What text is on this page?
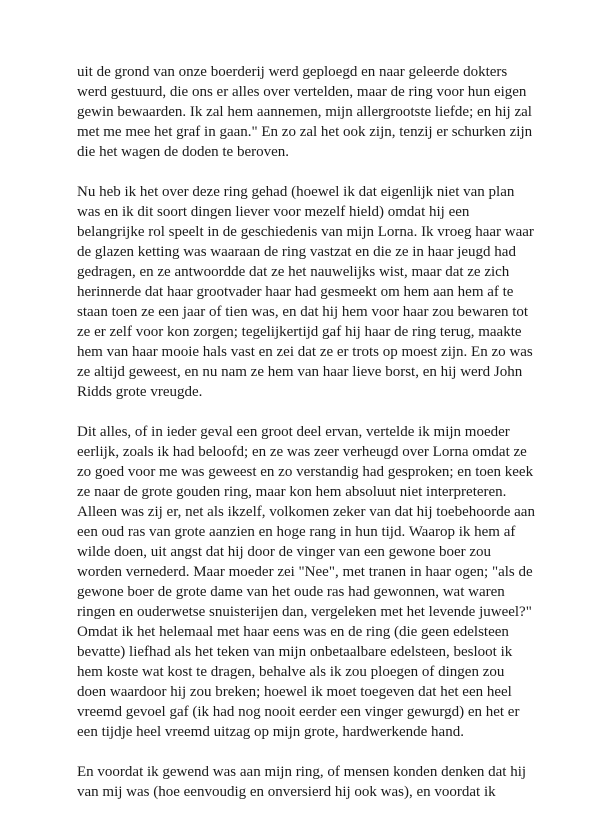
uit de grond van onze boerderij werd geploegd en naar geleerde dokters
werd gestuurd, die ons er alles over vertelden, maar de ring voor hun eigen
gewin bewaarden. Ik zal hem aannemen, mijn allergrootste liefde; en hij zal
met me mee het graf in gaan." En zo zal het ook zijn, tenzij er schurken zijn
die het wagen de doden te beroven.

Nu heb ik het over deze ring gehad (hoewel ik dat eigenlijk niet van plan
was en ik dit soort dingen liever voor mezelf hield) omdat hij een
belangrijke rol speelt in de geschiedenis van mijn Lorna. Ik vroeg haar waar
de glazen ketting was waaraan de ring vastzat en die ze in haar jeugd had
gedragen, en ze antwoordde dat ze het nauwelijks wist, maar dat ze zich
herinnerde dat haar grootvader haar had gesmeekt om hem aan hem af te
staan toen ze een jaar of tien was, en dat hij hem voor haar zou bewaren tot
ze er zelf voor kon zorgen; tegelijkertijd gaf hij haar de ring terug, maakte
hem van haar mooie hals vast en zei dat ze er trots op moest zijn. En zo was
ze altijd geweest, en nu nam ze hem van haar lieve borst, en hij werd John
Ridds grote vreugde.

Dit alles, of in ieder geval een groot deel ervan, vertelde ik mijn moeder
eerlijk, zoals ik had beloofd; en ze was zeer verheugd over Lorna omdat ze
zo goed voor me was geweest en zo verstandig had gesproken; en toen keek
ze naar de grote gouden ring, maar kon hem absoluut niet interpreteren.
Alleen was zij er, net als ikzelf, volkomen zeker van dat hij toebehoorde aan
een oud ras van grote aanzien en hoge rang in hun tijd. Waarop ik hem af
wilde doen, uit angst dat hij door de vinger van een gewone boer zou
worden vernederd. Maar moeder zei "Nee", met tranen in haar ogen; "als de
gewone boer de grote dame van het oude ras had gewonnen, wat waren
ringen en ouderwetse snuisterijen dan, vergeleken met het levende juweel?"
Omdat ik het helemaal met haar eens was en de ring (die geen edelsteen
bevatte) liefhad als het teken van mijn onbetaalbare edelsteen, besloot ik
hem koste wat kost te dragen, behalve als ik zou ploegen of dingen zou
doen waardoor hij zou breken; hoewel ik moet toegeven dat het een heel
vreemd gevoel gaf (ik had nog nooit eerder een vinger gewurgd) en het er
een tijdje heel vreemd uitzag op mijn grote, hardwerkende hand.

En voordat ik gewend was aan mijn ring, of mensen konden denken dat hij
van mij was (hoe eenvoudig en onversierd hij ook was), en voordat ik
